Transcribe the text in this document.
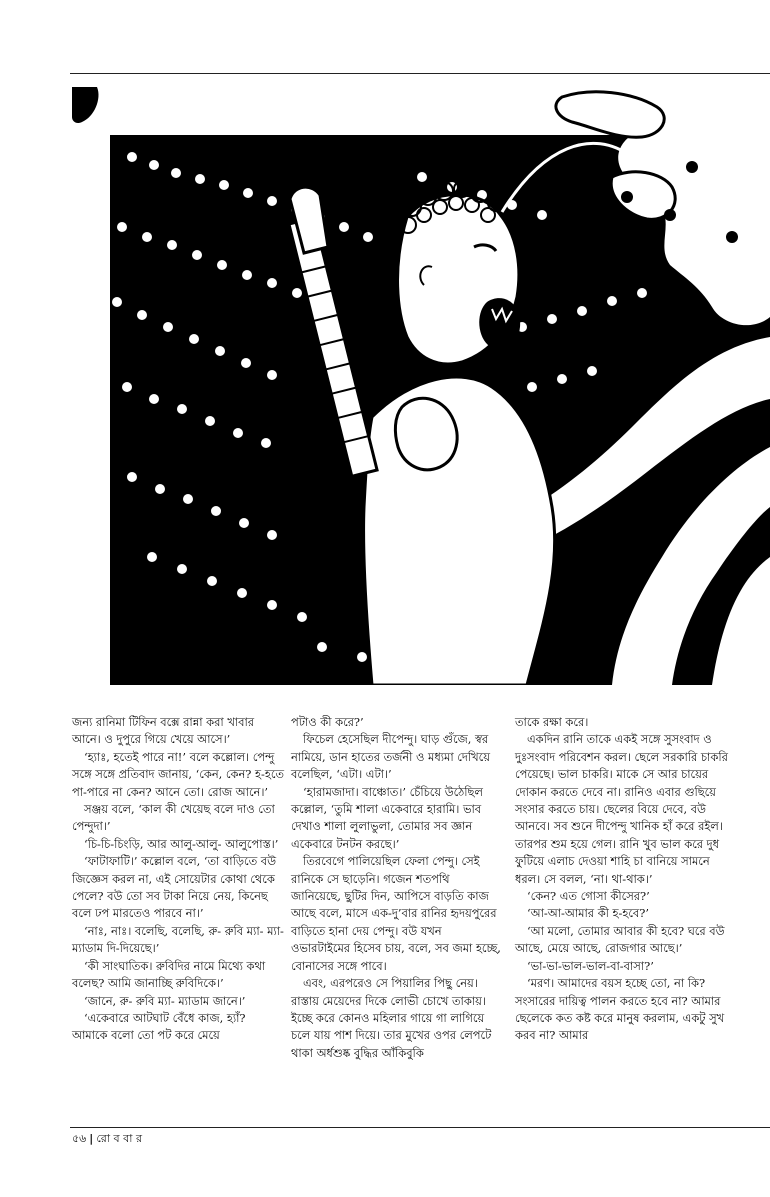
জন্য রানিমা টিফিন বক্সে রান্না করা খাবার আনে। ও দুপুরে গিয়ে খেয়ে আসে।’

‘হ্যাঃ, হতেই পারে না!’ বলে কল্লোল। পেন্দু সঙ্গে সঙ্গে প্রতিবাদ জানায়, ‘কেন, কেন? হ-হতে পা-পারে না কেন? আনে তো। রোজ আনে।’

সঞ্জয় বলে, ‘কাল কী খেয়েছ বলে দাও তো পেন্দুদা।’

‘চি-চি-চিংড়ি, আর আলু-আলু- আলুপোস্ত।’

‘ফাটাফাটি।’ কল্লোল বলে, ‘তা বাড়িতে বউ জিজ্ঞেস করল না, এই সোয়েটার কোথা থেকে পেলে? বউ তো সব টাকা নিয়ে নেয়, কিনেছ বলে ঢপ মারতেও পারবে না।’

‘নাঃ, নাঃ। বলেছি, বলেছি, রু- রুবি ম্যা- ম্যা- ম্যাডাম দি-দিয়েছে।’

‘কী সাংঘাতিক। রুবিদির নামে মিথ্যে কথা বলেছ? আমি জানাচ্ছি রুবিদিকে।’

‘জানে, রু- রুবি ম্যা- ম্যাডাম জানে।’

‘একেবারে আটঘাট বেঁধে কাজ, হ্যাঁ? আমাকে বলো তো পট করে মেয়ে

পটাও কী করে?’

ফিচেল হেসেছিল দীপেন্দু। ঘাড় গুঁজে, স্বর নামিয়ে, ডান হাতের তর্জনী ও মধ্যমা দেখিয়ে বলেছিল, ‘এটা। এটা।’

‘হারামজাদা। বাঞ্চোত।’ চেঁচিয়ে উঠেছিল কল্লোল, ‘তুমি শালা একেবারে হারামি। ভাব দেখাও শালা লুলাভুলা, তোমার সব জ্ঞান একেবারে টনটন করছে।’

তিরবেগে পালিয়েছিল ফেলা পেন্দু। সেই রানিকে সে ছাড়েনি। গজেন শতপথি জানিয়েছে, ছুটির দিন, আপিসে বাড়তি কাজ আছে বলে, মাসে এক-দু’বার রানির হৃদয়পুরের বাড়িতে হানা দেয় পেন্দু। বউ যখন ওভারটাইমের হিসেব চায়, বলে, সব জমা হচ্ছে, বোনাসের সঙ্গে পাবে।

এবং, এরপরেও সে পিয়ালির পিছু নেয়। রাস্তায় মেয়েদের দিকে লোভী চোখে তাকায়। ইচ্ছে করে কোনও মহিলার গায়ে গা লাগিয়ে চলে যায় পাশ দিয়ে। তার মুখের ওপর লেপটে থাকা অর্ধশুষ্ক বুদ্ধির আঁকিবুকি

তাকে রক্ষা করে।

একদিন রানি তাকে একই সঙ্গে সুসংবাদ ও দুঃসংবাদ পরিবেশন করল। ছেলে সরকারি চাকরি পেয়েছে। ভাল চাকরি। মাকে সে আর চায়ের দোকান করতে দেবে না। রানিও এবার গুছিয়ে সংসার করতে চায়। ছেলের বিয়ে দেবে, বউ আনবে। সব শুনে দীপেন্দু খানিক হাঁ করে রইল। তারপর শুম হয়ে গেল। রানি খুব ভাল করে দুধ ফুটিয়ে এলাচ দেওয়া শাহি চা বানিয়ে সামনে ধরল। সে বলল, ‘না। থা-থাক।’

‘কেন? এত গোসা কীসের?’

‘আ-আ-আমার কী হ-হবে?’

‘আ মলো, তোমার আবার কী হবে? ঘরে বউ আছে, মেয়ে আছে, রোজগার আছে।’

‘ভা-ভা-ভাল-ভাল-বা-বাসা?’

‘মরণ। আমাদের বয়স হচ্ছে তো, না কি? সংসারের দায়িত্ব পালন করতে হবে না? আমার ছেলেকে কত কষ্ট করে মানুষ করলাম, একটু সুখ করব না? আমার

৫৬ | রো ব বা র
